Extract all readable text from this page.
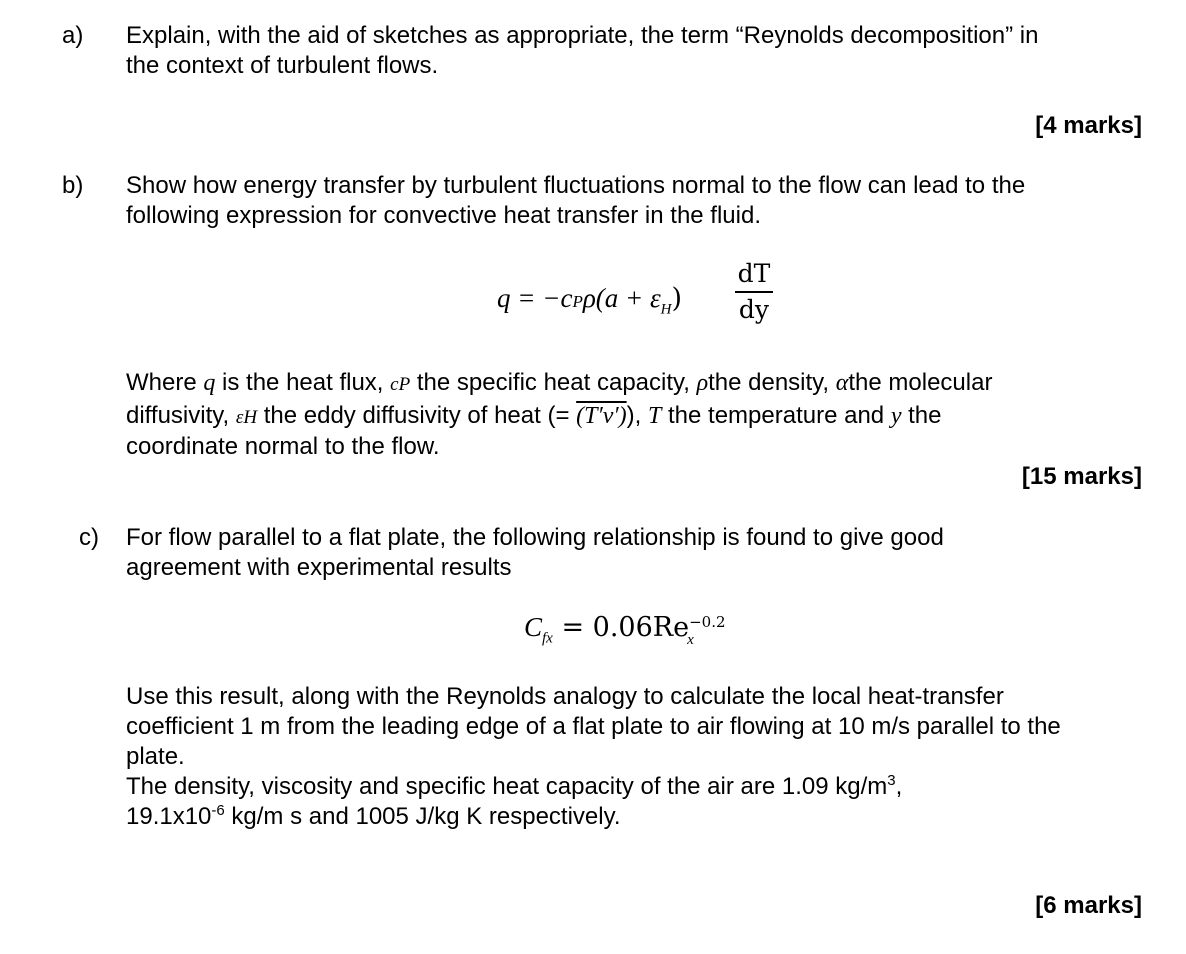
a) Explain, with the aid of sketches as appropriate, the term “Reynolds decomposition” in
the context of turbulent flows.
[4 marks]
b) Show how energy transfer by turbulent fluctuations normal to the flow can lead to the
following expression for convective heat transfer in the fluid.
$q = -cP\rho(a + \varepsilon_H)$
dT
dy
Where q is the heat flux, cP the specific heat capacity, ρthe density, αthe molecular
diffusivity, εH the eddy diffusivity of heat (= (T′v′)), T the temperature and y the
coordinate normal to the flow.
[15 marks]
c) For flow parallel to a flat plate, the following relationship is found to give good
agreement with experimental results
$C_{fx} = 0.06Re -0.2$
x
Use this result, along with the Reynolds analogy to calculate the local heat-transfer
coefficient 1 m from the leading edge of a flat plate to air flowing at 10 m/s parallel to the
plate.
The density, viscosity and specific heat capacity of the air are 1.09 $kg/m^3$,
$19.1x10^{-6}$ kg/m s and 1005 J/kg K respectively.
[6 marks]
